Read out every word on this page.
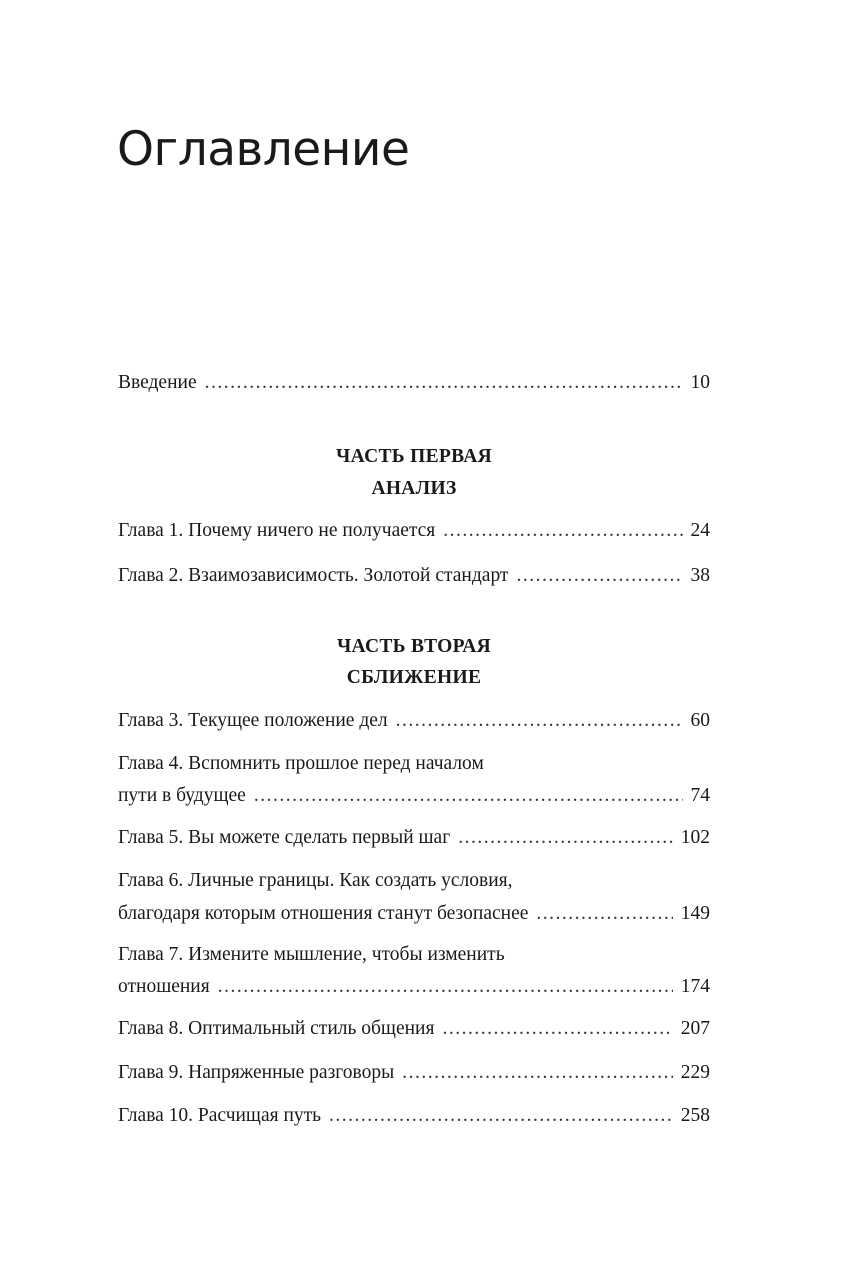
Оглавление
Введение .....	10
ЧАСТЬ ПЕРВАЯ
АНАЛИЗ
Глава 1. Почему ничего не получается .....	24
Глава 2. Взаимозависимость. Золотой стандарт .....	38
ЧАСТЬ ВТОРАЯ
СБЛИЖЕНИЕ
Глава 3. Текущее положение дел .....	60
Глава 4. Вспомнить прошлое перед началом
пути в будущее .....	74
Глава 5. Вы можете сделать первый шаг .....	102
Глава 6. Личные границы. Как создать условия,
благодаря которым отношения станут безопаснее .....	149
Глава 7. Измените мышление, чтобы изменить
отношения .....	174
Глава 8. Оптимальный стиль общения .....	207
Глава 9. Напряженные разговоры .....	229
Глава 10. Расчищая путь .....	258
